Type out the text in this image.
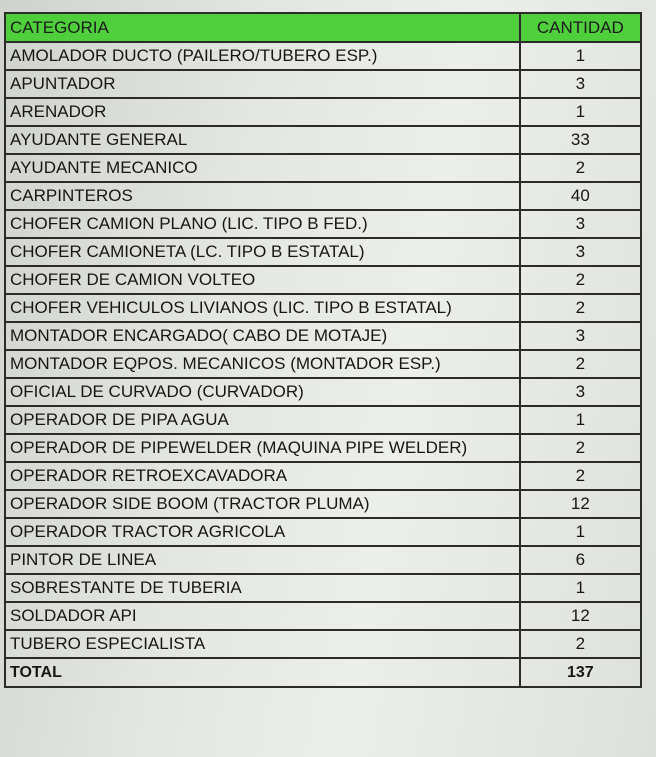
CATEGORIA	CANTIDAD
AMOLADOR DUCTO (PAILERO/TUBERO ESP.)	1
APUNTADOR	3
ARENADOR	1
AYUDANTE GENERAL	33
AYUDANTE MECANICO	2
CARPINTEROS	40
CHOFER CAMION PLANO (LIC. TIPO B FED.)	3
CHOFER CAMIONETA (LC. TIPO B ESTATAL)	3
CHOFER DE CAMION VOLTEO	2
CHOFER VEHICULOS LIVIANOS (LIC. TIPO B ESTATAL)	2
MONTADOR ENCARGADO( CABO DE MOTAJE)	3
MONTADOR EQPOS. MECANICOS (MONTADOR ESP.)	2
OFICIAL DE CURVADO (CURVADOR)	3
OPERADOR DE PIPA AGUA	1
OPERADOR DE PIPEWELDER (MAQUINA PIPE WELDER)	2
OPERADOR RETROEXCAVADORA	2
OPERADOR SIDE BOOM (TRACTOR PLUMA)	12
OPERADOR TRACTOR AGRICOLA	1
PINTOR DE LINEA	6
SOBRESTANTE DE TUBERIA	1
SOLDADOR API	12
TUBERO ESPECIALISTA	2
TOTAL	137
